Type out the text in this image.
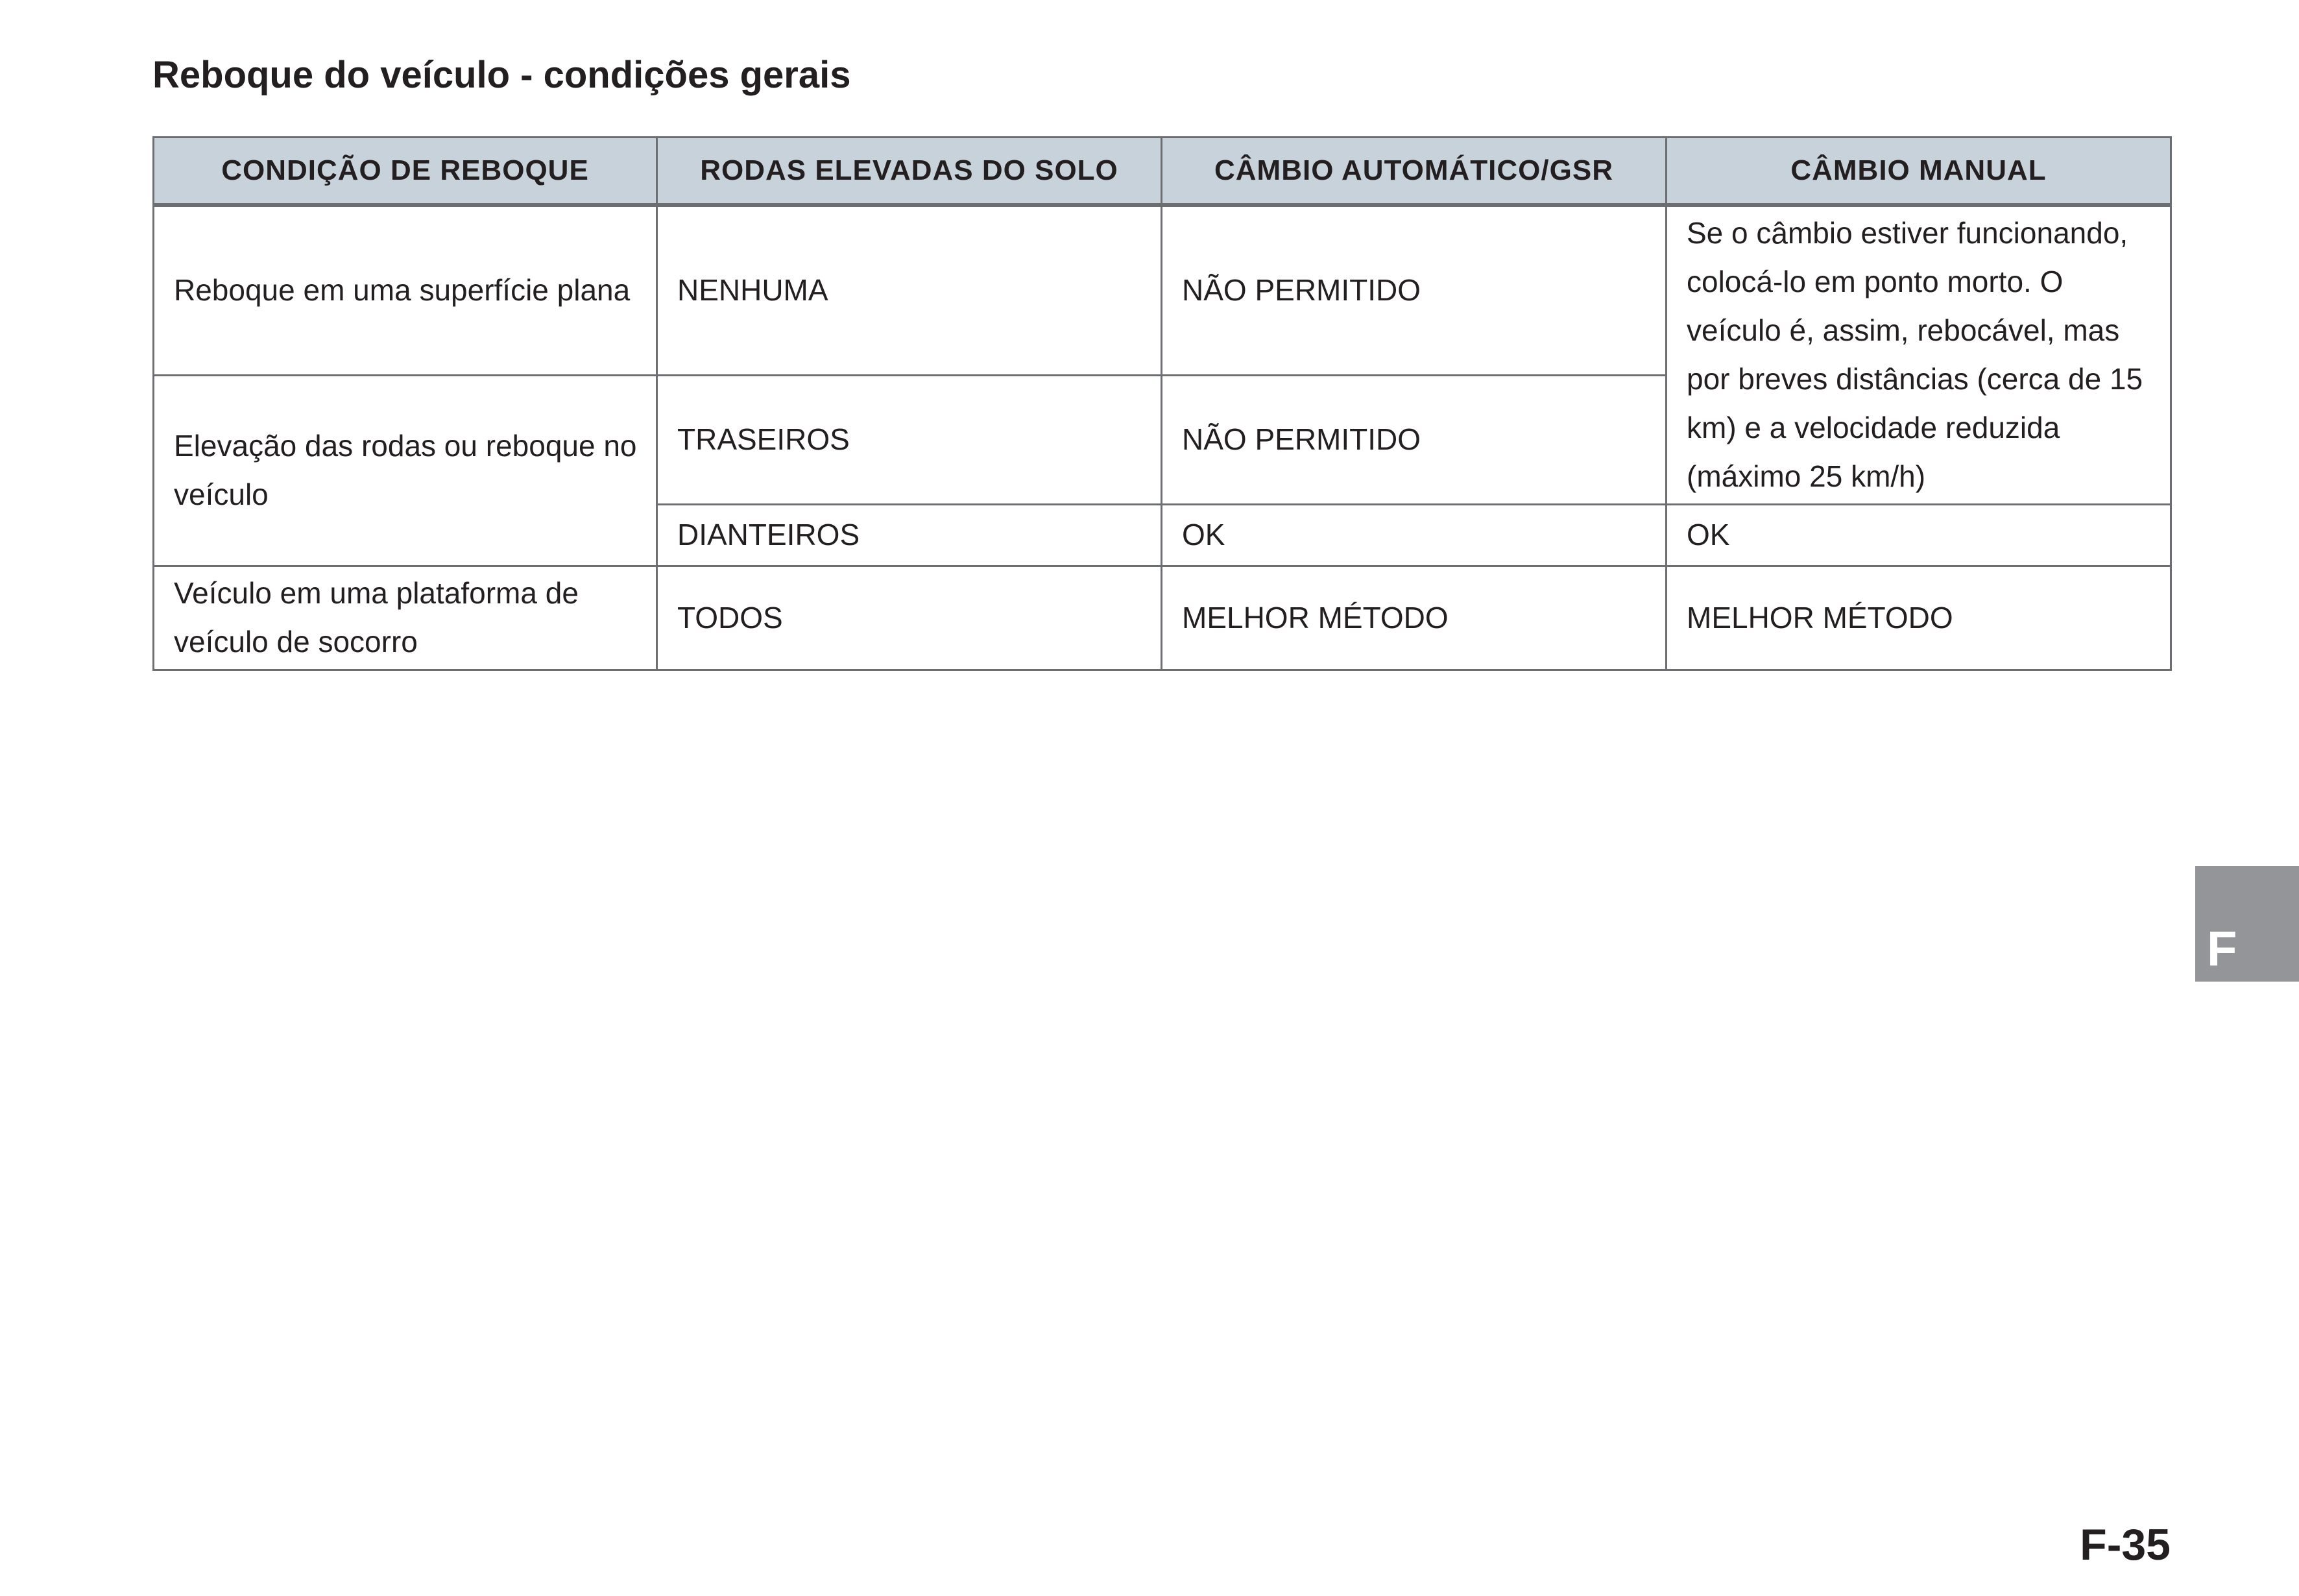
Reboque do veículo - condições gerais
CONDIÇÃO DE REBOQUE	RODAS ELEVADAS DO SOLO	CÂMBIO AUTOMÁTICO/GSR	CÂMBIO MANUAL
Reboque em uma superfície plana	NENHUMA	NÃO PERMITIDO	Se o câmbio estiver funcionando, colocá-lo em ponto morto. O veículo é, assim, rebocável, mas por breves distâncias (cerca de 15 km) e a velocidade reduzida (máximo 25 km/h)
Elevação das rodas ou reboque no veículo	TRASEIROS	NÃO PERMITIDO	
	DIANTEIROS	OK	OK
Veículo em uma plataforma de veículo de socorro	TODOS	MELHOR MÉTODO	MELHOR MÉTODO
F
F-35
